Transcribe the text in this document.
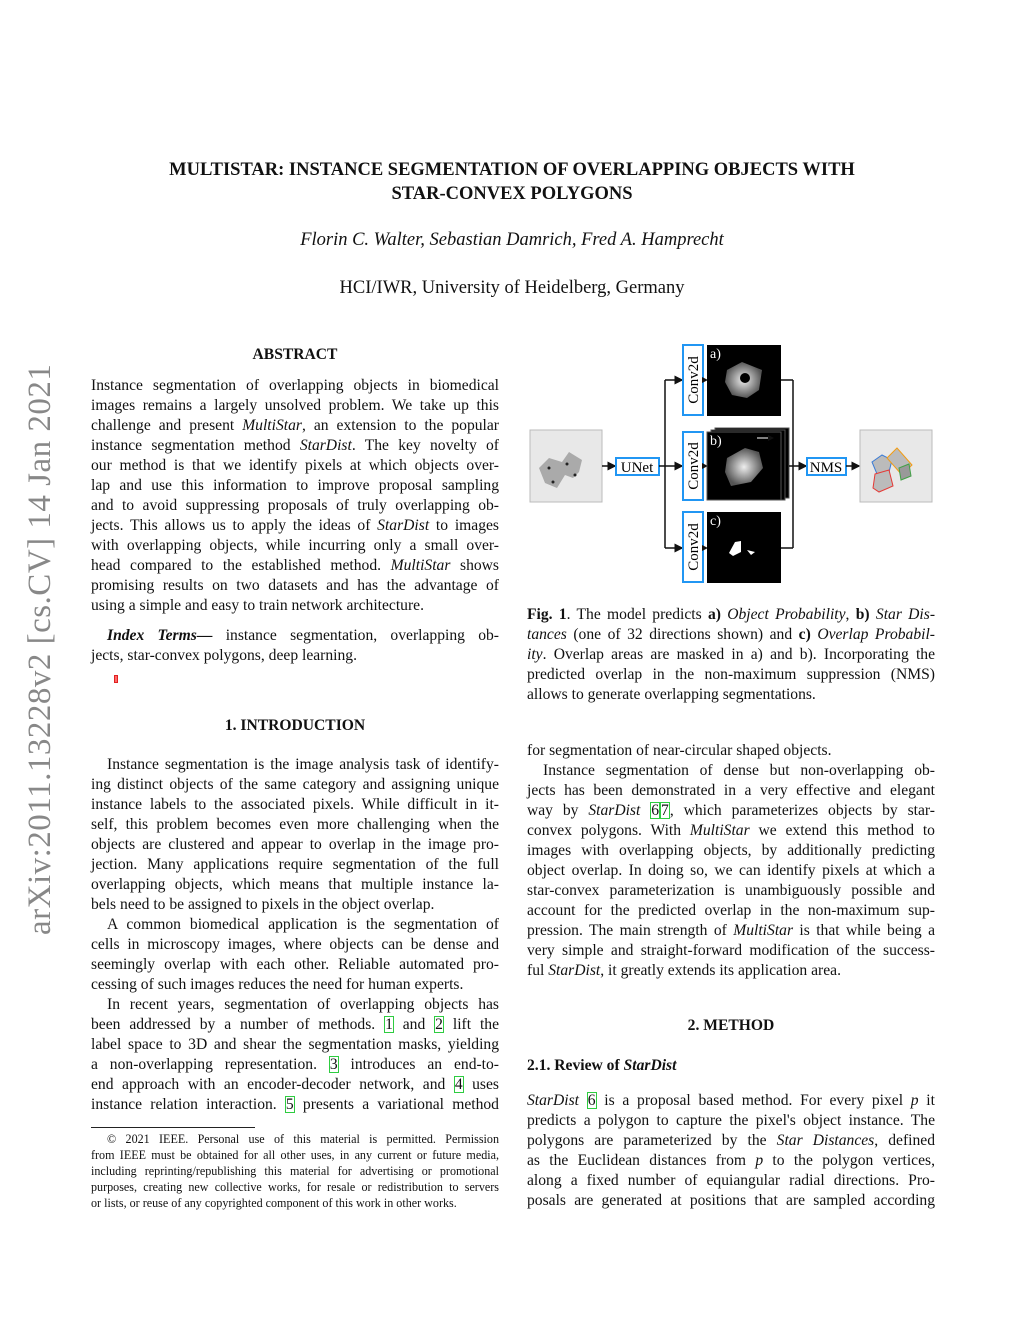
MULTISTAR: INSTANCE SEGMENTATION OF OVERLAPPING OBJECTS WITH
STAR-CONVEX POLYGONS
Florin C. Walter, Sebastian Damrich, Fred A. Hamprecht
HCI/IWR, University of Heidelberg, Germany
arXiv:2011.13228v2 [cs.CV] 14 Jan 2021
ABSTRACT
Instance segmentation of overlapping objects in biomedical
images remains a largely unsolved problem. We take up this
challenge and present MultiStar, an extension to the popular
instance segmentation method StarDist. The key novelty of
our method is that we identify pixels at which objects over-
lap and use this information to improve proposal sampling
and to avoid suppressing proposals of truly overlapping ob-
jects. This allows us to apply the ideas of StarDist to images
with overlapping objects, while incurring only a small over-
head compared to the established method. MultiStar shows
promising results on two datasets and has the advantage of
using a simple and easy to train network architecture.
Index Terms— instance segmentation, overlapping ob-
jects, star-convex polygons, deep learning.
1. INTRODUCTION
Instance segmentation is the image analysis task of identify-
ing distinct objects of the same category and assigning unique
instance labels to the associated pixels. While difficult in it-
self, this problem becomes even more challenging when the
objects are clustered and appear to overlap in the image pro-
jection. Many applications require segmentation of the full
overlapping objects, which means that multiple instance la-
bels need to be assigned to pixels in the object overlap.
A common biomedical application is the segmentation of
cells in microscopy images, where objects can be dense and
seemingly overlap with each other. Reliable automated pro-
cessing of such images reduces the need for human experts.
In recent years, segmentation of overlapping objects has
been addressed by a number of methods. 1 and 2 lift the
label space to 3D and shear the segmentation masks, yielding
a non-overlapping representation. 3 introduces an end-to-
end approach with an encoder-decoder network, and 4 uses
instance relation interaction. 5 presents a variational method
© 2021 IEEE. Personal use of this material is permitted. Permission
from IEEE must be obtained for all other uses, in any current or future media,
including reprinting/republishing this material for advertising or promotional
purposes, creating new collective works, for resale or redistribution to servers
or lists, or reuse of any copyrighted component of this work in other works.
UNet
Conv2d
Conv2d
Conv2d
a)
b)
c)
NMS
Fig. 1. The model predicts a) Object Probability, b) Star Dis-
tances (one of 32 directions shown) and c) Overlap Probabil-
ity. Overlap areas are masked in a) and b). Incorporating the
predicted overlap in the non-maximum suppression (NMS)
allows to generate overlapping segmentations.
for segmentation of near-circular shaped objects.
Instance segmentation of dense but non-overlapping ob-
jects has been demonstrated in a very effective and elegant
way by StarDist 6 7, which parameterizes objects by star-
convex polygons. With MultiStar we extend this method to
images with overlapping objects, by additionally predicting
object overlap. In doing so, we can identify pixels at which a
star-convex parameterization is unambiguously possible and
account for the predicted overlap in the non-maximum sup-
pression. The main strength of MultiStar is that while being a
very simple and straight-forward modification of the success-
ful StarDist, it greatly extends its application area.
2. METHOD
2.1. Review of StarDist
StarDist 6 is a proposal based method. For every pixel p it
predicts a polygon to capture the pixel's object instance. The
polygons are parameterized by the Star Distances, defined
as the Euclidean distances from p to the polygon vertices,
along a fixed number of equiangular radial directions. Pro-
posals are generated at positions that are sampled according
